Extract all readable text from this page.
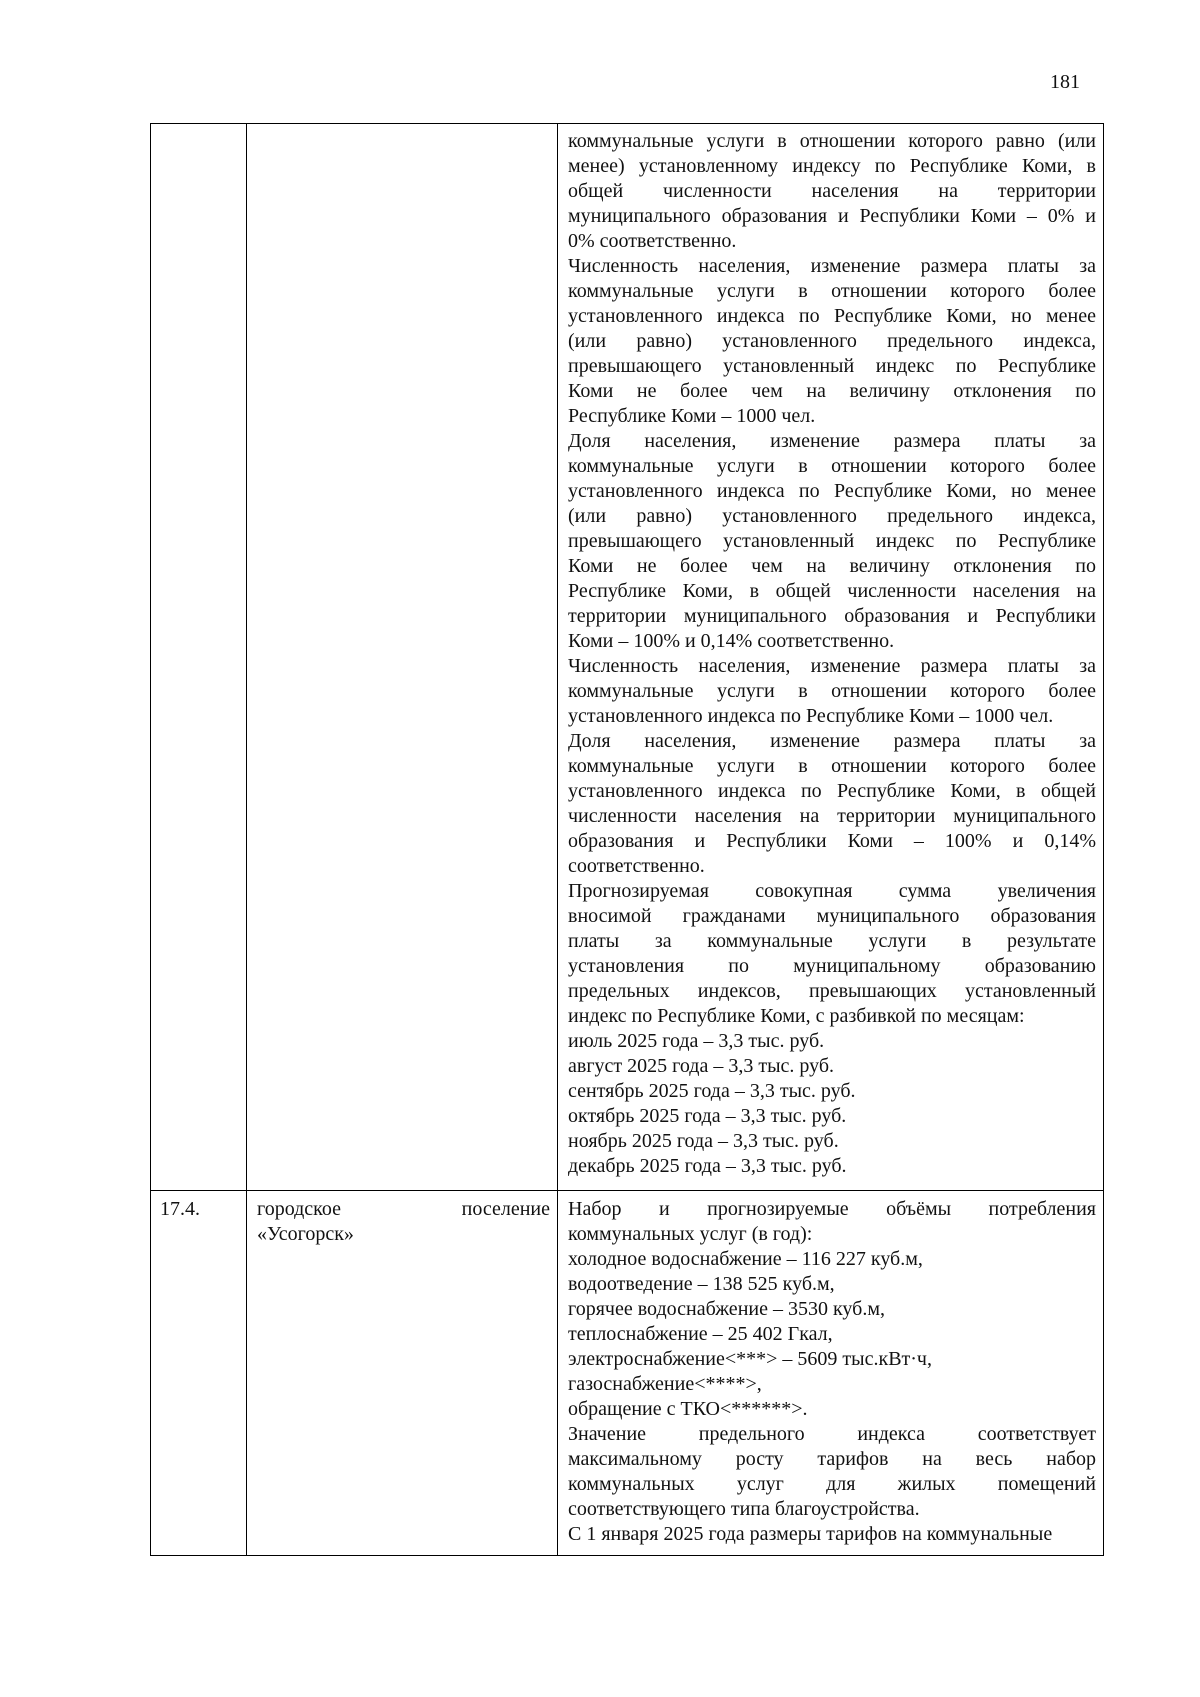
181
коммунальные услуги в отношении которого равно (или
менее) установленному индексу по Республике Коми, в
общей численности населения на территории
муниципального образования и Республики Коми – 0% и
0% соответственно.
Численность населения, изменение размера платы за
коммунальные услуги в отношении которого более
установленного индекса по Республике Коми, но менее
(или равно) установленного предельного индекса,
превышающего установленный индекс по Республике
Коми не более чем на величину отклонения по
Республике Коми – 1000 чел.
Доля населения, изменение размера платы за
коммунальные услуги в отношении которого более
установленного индекса по Республике Коми, но менее
(или равно) установленного предельного индекса,
превышающего установленный индекс по Республике
Коми не более чем на величину отклонения по
Республике Коми, в общей численности населения на
территории муниципального образования и Республики
Коми – 100% и 0,14% соответственно.
Численность населения, изменение размера платы за
коммунальные услуги в отношении которого более
установленного индекса по Республике Коми – 1000 чел.
Доля населения, изменение размера платы за
коммунальные услуги в отношении которого более
установленного индекса по Республике Коми, в общей
численности населения на территории муниципального
образования и Республики Коми – 100% и 0,14%
соответственно.
Прогнозируемая совокупная сумма увеличения
вносимой гражданами муниципального образования
платы за коммунальные услуги в результате
установления по муниципальному образованию
предельных индексов, превышающих установленный
индекс по Республике Коми, с разбивкой по месяцам:
июль 2025 года – 3,3 тыс. руб.
август 2025 года – 3,3 тыс. руб.
сентябрь 2025 года – 3,3 тыс. руб.
октябрь 2025 года – 3,3 тыс. руб.
ноябрь 2025 года – 3,3 тыс. руб.
декабрь 2025 года – 3,3 тыс. руб.
17.4.	городское поселение
«Усогорск»
Набор и прогнозируемые объёмы потребления
коммунальных услуг (в год):
холодное водоснабжение – 116 227 куб.м,
водоотведение – 138 525 куб.м,
горячее водоснабжение – 3530 куб.м,
теплоснабжение – 25 402 Гкал,
электроснабжение<***> – 5609 тыс.кВт·ч,
газоснабжение<****>,
обращение с ТКО<******>.
Значение предельного индекса соответствует
максимальному росту тарифов на весь набор
коммунальных услуг для жилых помещений
соответствующего типа благоустройства.
С 1 января 2025 года размеры тарифов на коммунальные
